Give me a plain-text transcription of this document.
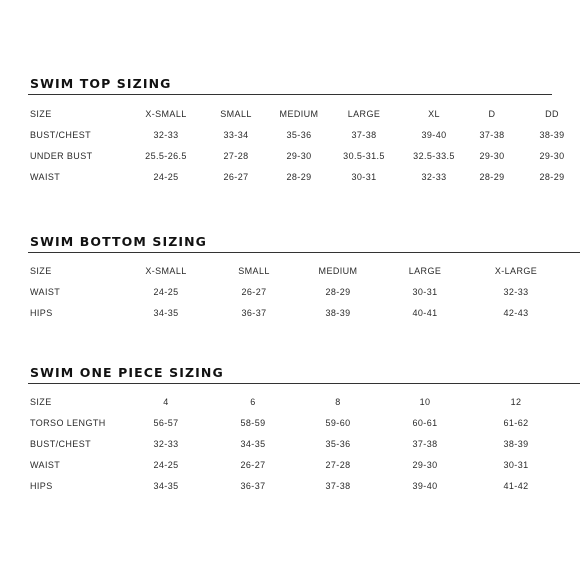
SWIM TOP SIZING
SIZE	X-SMALL	SMALL	MEDIUM	LARGE	XL	D	DD
BUST/CHEST	32-33	33-34	35-36	37-38	39-40	37-38	38-39
UNDER BUST	25.5-26.5	27-28	29-30	30.5-31.5	32.5-33.5	29-30	29-30
WAIST	24-25	26-27	28-29	30-31	32-33	28-29	28-29
SWIM BOTTOM SIZING
SIZE	X-SMALL	SMALL	MEDIUM	LARGE	X-LARGE
WAIST	24-25	26-27	28-29	30-31	32-33
HIPS	34-35	36-37	38-39	40-41	42-43
SWIM ONE PIECE SIZING
SIZE	4	6	8	10	12
TORSO LENGTH	56-57	58-59	59-60	60-61	61-62
BUST/CHEST	32-33	34-35	35-36	37-38	38-39
WAIST	24-25	26-27	27-28	29-30	30-31
HIPS	34-35	36-37	37-38	39-40	41-42
